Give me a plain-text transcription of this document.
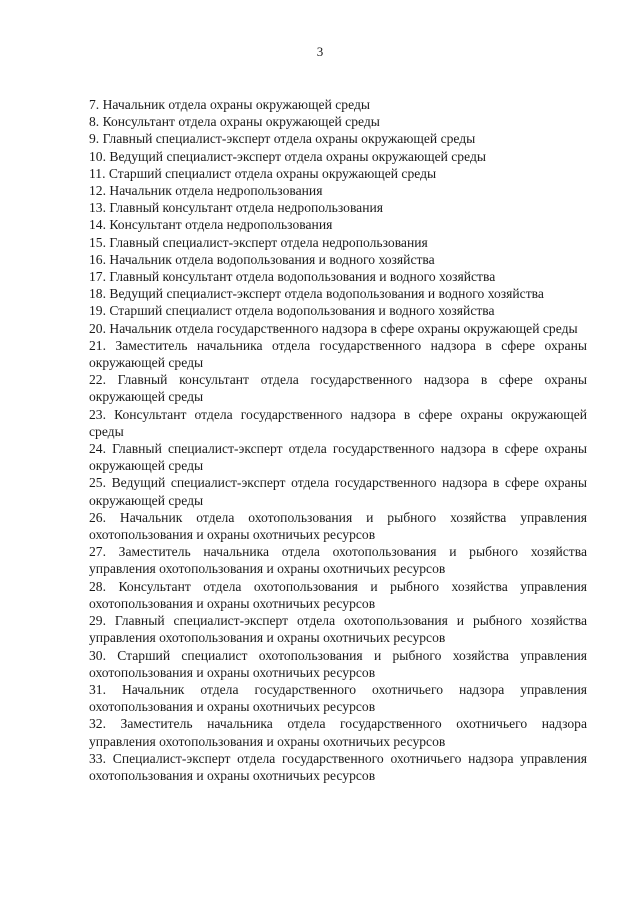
3
7. Начальник отдела охраны окружающей среды
8. Консультант отдела охраны окружающей среды
9. Главный специалист-эксперт отдела охраны окружающей среды
10. Ведущий специалист-эксперт отдела охраны окружающей среды
11. Старший специалист отдела охраны окружающей среды
12. Начальник отдела недропользования
13. Главный консультант отдела недропользования
14. Консультант отдела недропользования
15. Главный специалист-эксперт отдела недропользования
16. Начальник отдела водопользования и водного хозяйства
17. Главный консультант отдела водопользования и водного хозяйства
18. Ведущий специалист-эксперт отдела водопользования и водного хозяйства
19. Старший специалист отдела водопользования и водного хозяйства
20. Начальник отдела государственного надзора в сфере охраны окружающей среды
21. Заместитель начальника отдела государственного надзора в сфере охраны окружающей среды
22. Главный консультант отдела государственного надзора в сфере охраны окружающей среды
23. Консультант отдела государственного надзора в сфере охраны окружающей среды
24. Главный специалист-эксперт отдела государственного надзора в сфере охраны окружающей среды
25. Ведущий специалист-эксперт отдела государственного надзора в сфере охраны окружающей среды
26. Начальник отдела охотопользования и рыбного хозяйства управления охотопользования и охраны охотничьих ресурсов
27. Заместитель начальника отдела охотопользования и рыбного хозяйства управления охотопользования и охраны охотничьих ресурсов
28. Консультант отдела охотопользования и рыбного хозяйства управления охотопользования и охраны охотничьих ресурсов
29. Главный специалист-эксперт отдела охотопользования и рыбного хозяйства управления охотопользования и охраны охотничьих ресурсов
30. Старший специалист охотопользования и рыбного хозяйства управления охотопользования и охраны охотничьих ресурсов
31. Начальник отдела государственного охотничьего надзора управления охотопользования и охраны охотничьих ресурсов
32. Заместитель начальника отдела государственного охотничьего надзора управления охотопользования и охраны охотничьих ресурсов
33. Специалист-эксперт отдела государственного охотничьего надзора управления охотопользования и охраны охотничьих ресурсов
